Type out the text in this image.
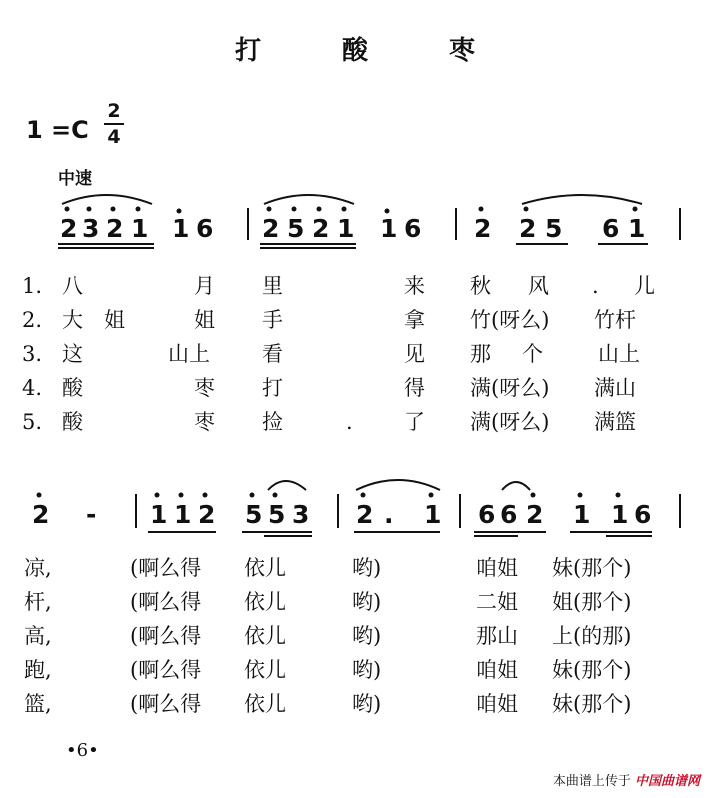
打 酸 枣
1 =C
2
4
中速
2 3 2 1 1 6 2 5 2 1 1 6 2 2 5 6 1
1. 八	月 里	来 秋 风 . 儿
2. 大 姐	姐 手	拿 竹(呀么) 竹杆
3. 这	山上 看	见 那 个	山上
4. 酸	枣 打	得 满(呀么) 满山
5. 酸	枣 捡	. 了 满(呀么) 满篮
2 - 1 1 2 5 5 3 2 . 1 6 6 2 1 1 6
凉,	(啊么得 依儿	哟)	咱姐 妹(那个)
杆,	(啊么得 依儿	哟)	二姐 姐(那个)
高,	(啊么得 依儿	哟)	那山 上(的那)
跑,	(啊么得 依儿	哟)	咱姐 妹(那个)
篮,	(啊么得 依儿	哟)	咱姐 妹(那个)
•6•
本曲谱上传于 中国曲谱网
